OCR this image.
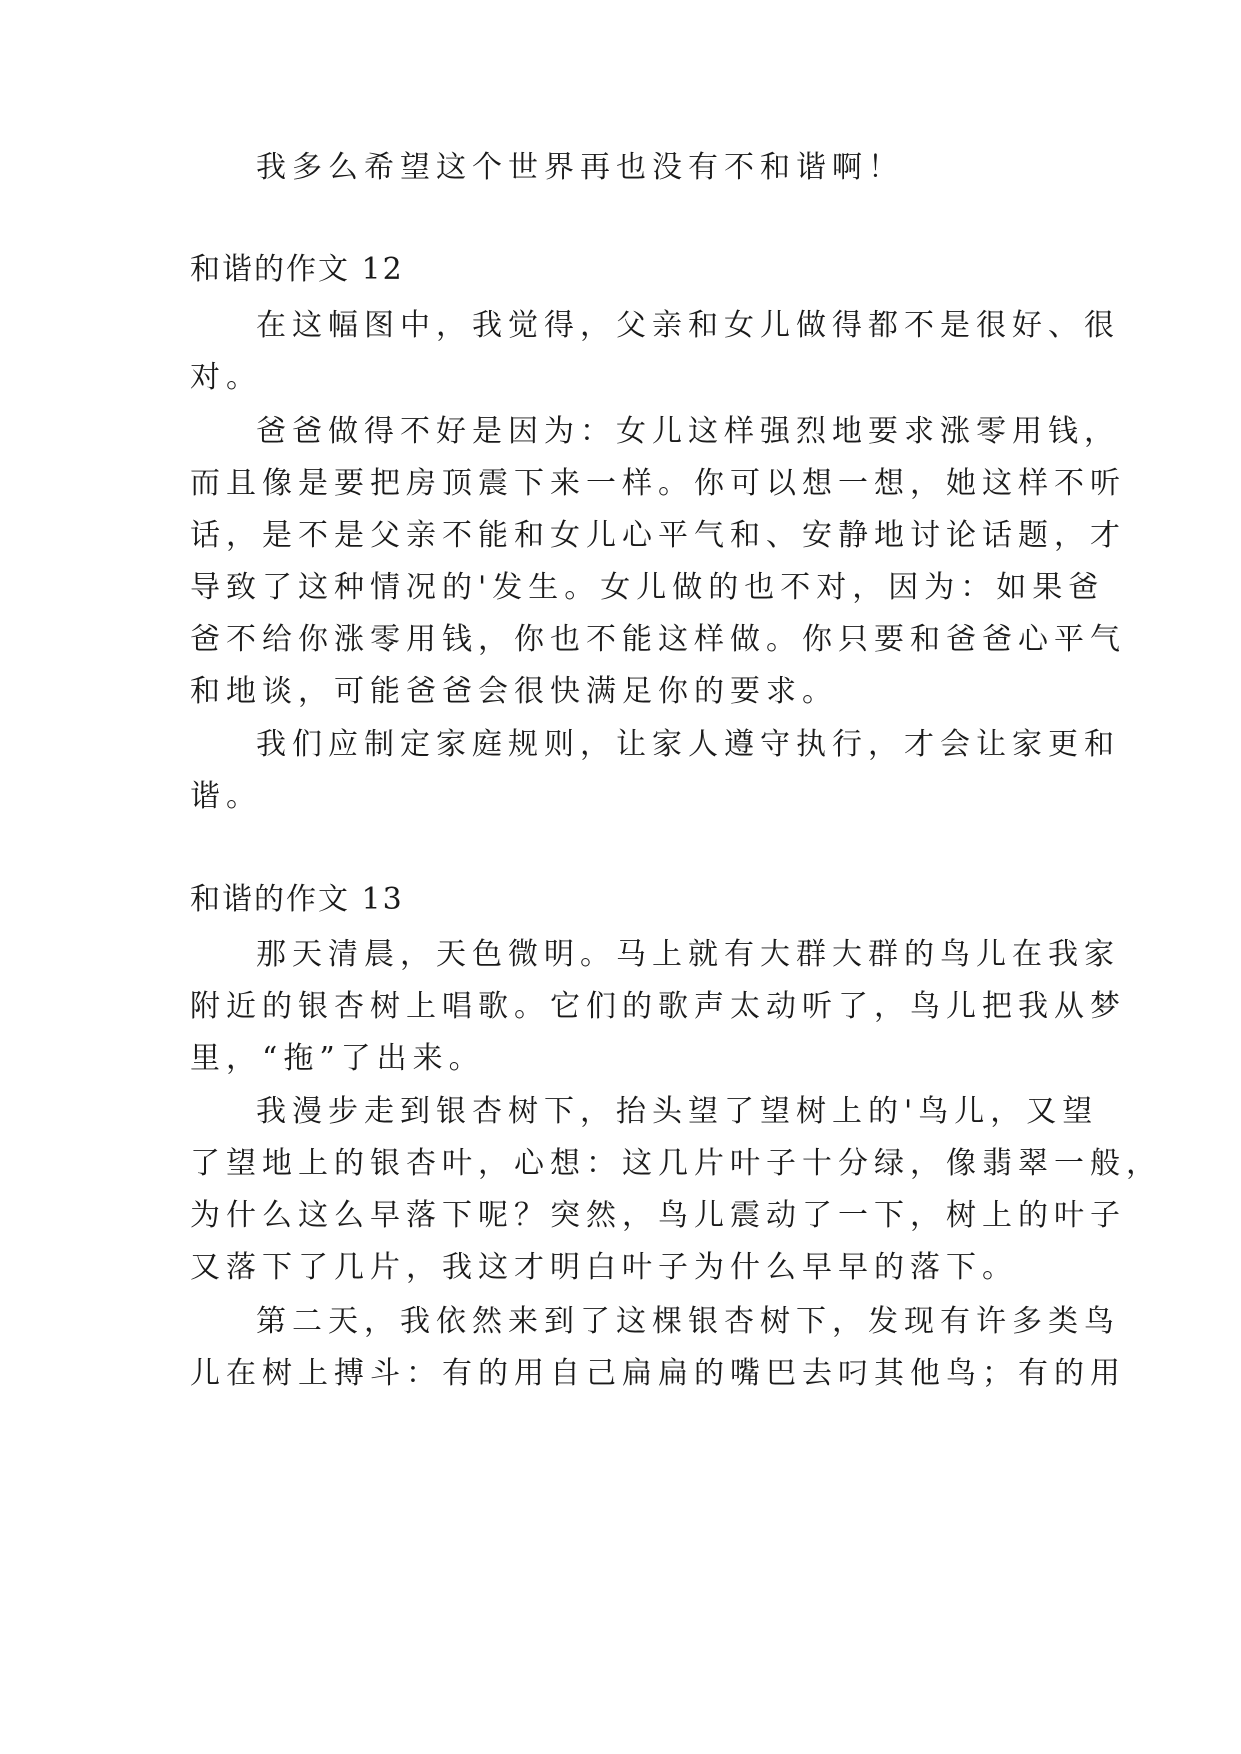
我多么希望这个世界再也没有不和谐啊！
和谐的作文 12
在这幅图中，我觉得，父亲和女儿做得都不是很好、很
对。
爸爸做得不好是因为：女儿这样强烈地要求涨零用钱，
而且像是要把房顶震下来一样。你可以想一想，她这样不听
话，是不是父亲不能和女儿心平气和、安静地讨论话题，才
导致了这种情况的'发生。女儿做的也不对，因为：如果爸
爸不给你涨零用钱，你也不能这样做。你只要和爸爸心平气
和地谈，可能爸爸会很快满足你的要求。
我们应制定家庭规则，让家人遵守执行，才会让家更和
谐。
和谐的作文 13
那天清晨，天色微明。马上就有大群大群的鸟儿在我家
附近的银杏树上唱歌。它们的歌声太动听了，鸟儿把我从梦
里，“拖”了出来。
我漫步走到银杏树下，抬头望了望树上的'鸟儿，又望
了望地上的银杏叶，心想：这几片叶子十分绿，像翡翠一般，
为什么这么早落下呢？突然，鸟儿震动了一下，树上的叶子
又落下了几片，我这才明白叶子为什么早早的落下。
第二天，我依然来到了这棵银杏树下，发现有许多类鸟
儿在树上搏斗：有的用自己扁扁的嘴巴去叼其他鸟；有的用
